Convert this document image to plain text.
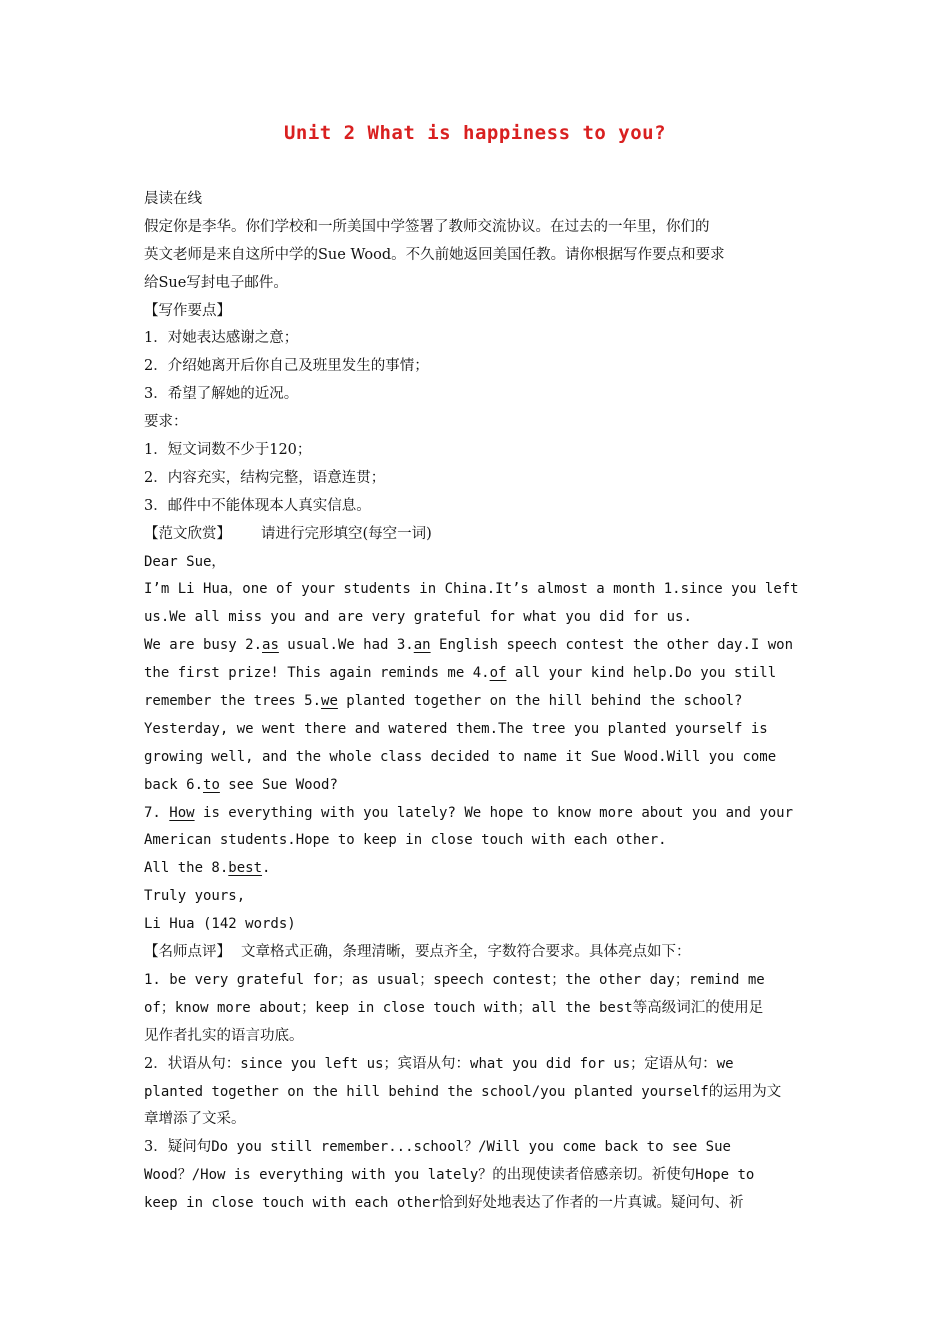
Unit 2 What is happiness to you?
晨读在线
假定你是李华。你们学校和一所美国中学签署了教师交流协议。在过去的一年里，你们的
英文老师是来自这所中学的Sue Wood。不久前她返回美国任教。请你根据写作要点和要求
给Sue写封电子邮件。
【写作要点】
1．对她表达感谢之意；
2．介绍她离开后你自己及班里发生的事情；
3．希望了解她的近况。
要求：
1．短文词数不少于120；
2．内容充实，结构完整，语意连贯；
3．邮件中不能体现本人真实信息。
【范文欣赏】 请进行完形填空(每空一词)
Dear Sue，
I’m Li Hua，one of your students in China.It’s almost a month 1.since you left
us.We all miss you and are very grateful for what you did for us.
We are busy 2.as usual.We had 3.an English speech contest the other day.I won
the first prize! This again reminds me 4.of all your kind help.Do you still
remember the trees 5.we planted together on the hill behind the school?
Yesterday, we went there and watered them.The tree you planted yourself is
growing well, and the whole class decided to name it Sue Wood.Will you come
back 6.to see Sue Wood?
7. How is everything with you lately? We hope to know more about you and your
American students.Hope to keep in close touch with each other.
All the 8.best.
Truly yours,
Li Hua (142 words)
【名师点评】 文章格式正确，条理清晰，要点齐全，字数符合要求。具体亮点如下：
1. be very grateful for；as usual；speech contest；the other day；remind me
of；know more about；keep in close touch with；all the best等高级词汇的使用足
见作者扎实的语言功底。
2．状语从句：since you left us；宾语从句：what you did for us；定语从句：we
planted together on the hill behind the school/you planted yourself的运用为文
章增添了文采。
3．疑问句Do you still remember...school？/Will you come back to see Sue
Wood？/How is everything with you lately？的出现使读者倍感亲切。祈使句Hope to
keep in close touch with each other恰到好处地表达了作者的一片真诚。疑问句、祈
